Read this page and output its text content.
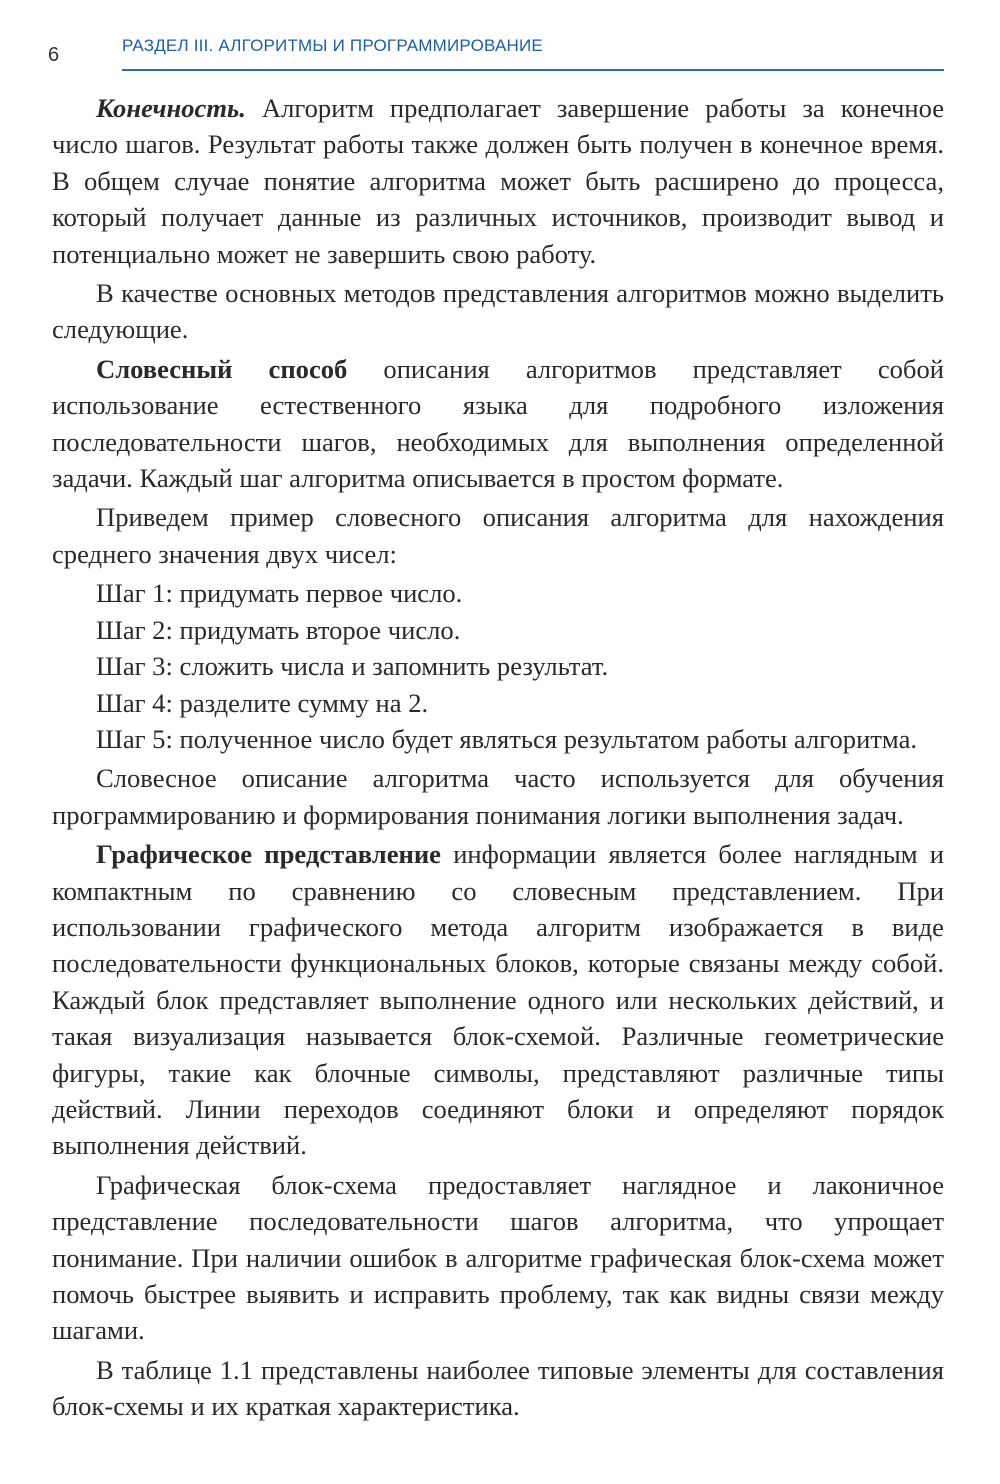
6	РАЗДЕЛ III. АЛГОРИТМЫ И ПРОГРАММИРОВАНИЕ

Конечность. Алгоритм предполагает завершение работы за конечное число шагов. Результат работы также должен быть получен в конечное время. В общем случае понятие алгоритма может быть расширено до процесса, который получает данные из различных источников, производит вывод и потенциально может не завершить свою работу.

В качестве основных методов представления алгоритмов можно выделить следующие.

Словесный способ описания алгоритмов представляет собой использование естественного языка для подробного изложения последовательности шагов, необходимых для выполнения определенной задачи. Каждый шаг алгоритма описывается в простом формате.

Приведем пример словесного описания алгоритма для нахождения среднего значения двух чисел:

Шаг 1: придумать первое число.

Шаг 2: придумать второе число.

Шаг 3: сложить числа и запомнить результат.

Шаг 4: разделите сумму на 2.

Шаг 5: полученное число будет являться результатом работы алгоритма.

Словесное описание алгоритма часто используется для обучения программированию и формирования понимания логики выполнения задач.

Графическое представление информации является более наглядным и компактным по сравнению со словесным представлением. При использовании графического метода алгоритм изображается в виде последовательности функциональных блоков, которые связаны между собой. Каждый блок представляет выполнение одного или нескольких действий, и такая визуализация называется блок-схемой. Различные геометрические фигуры, такие как блочные символы, представляют различные типы действий. Линии переходов соединяют блоки и определяют порядок выполнения действий.

Графическая блок-схема предоставляет наглядное и лаконичное представление последовательности шагов алгоритма, что упрощает понимание. При наличии ошибок в алгоритме графическая блок-схема может помочь быстрее выявить и исправить проблему, так как видны связи между шагами.

В таблице 1.1 представлены наиболее типовые элементы для составления блок-схемы и их краткая характеристика.
